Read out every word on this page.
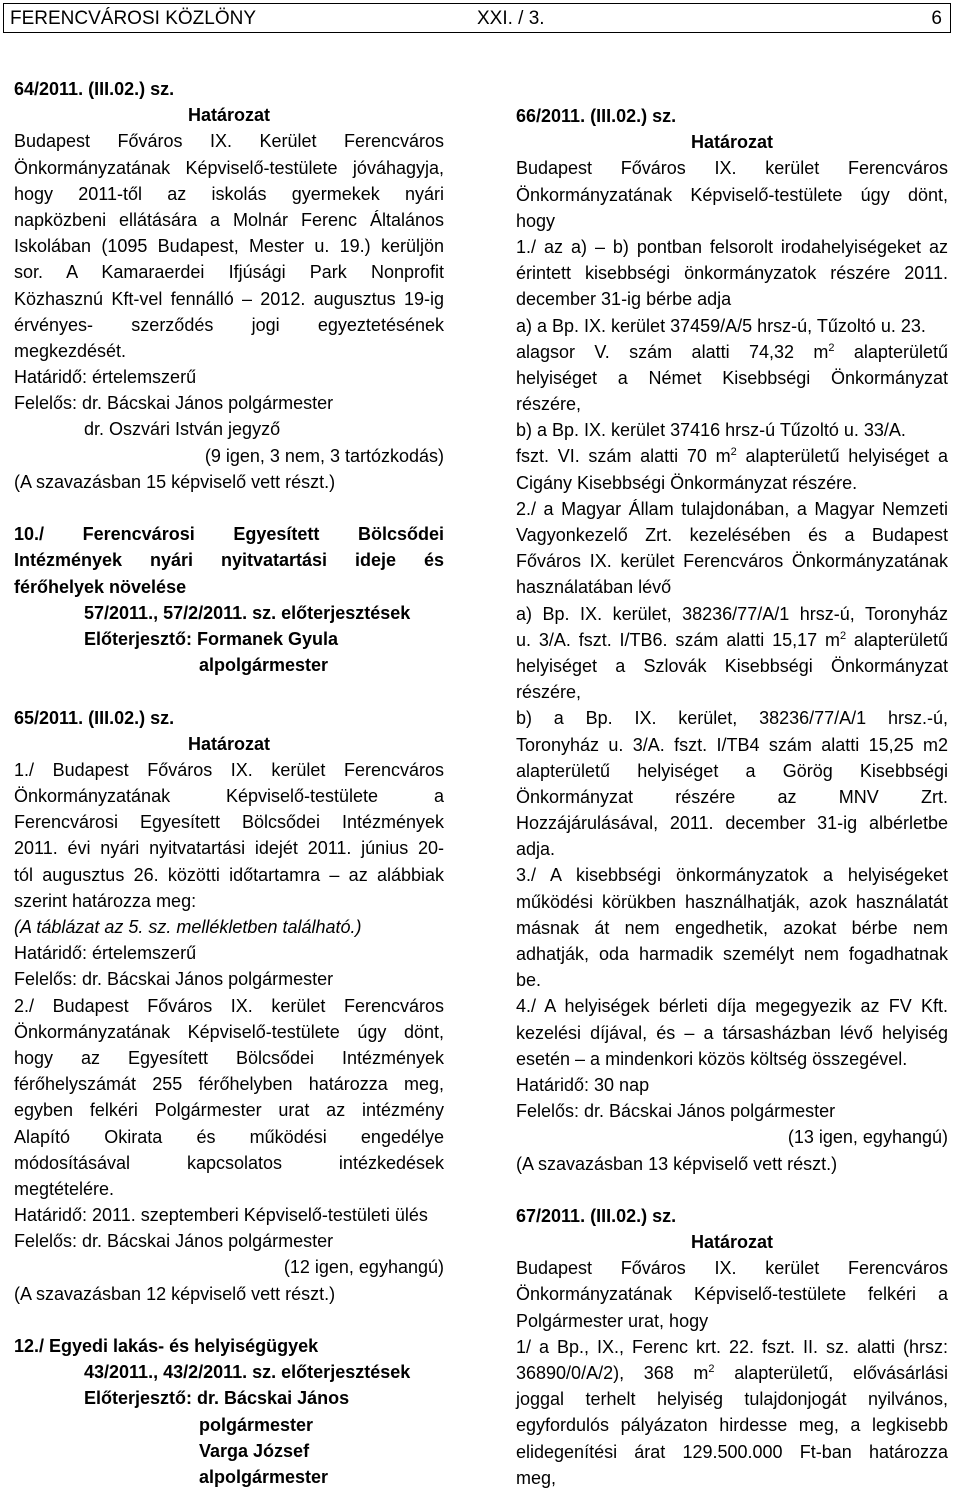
FERENCVÁROSI KÖZLÖNY	XXI. / 3.	6
64/2011. (III.02.) sz.
Határozat
Budapest Főváros IX. Kerület Ferencváros
Önkormányzatának Képviselő-testülete jóváhagyja,
hogy 2011-től az iskolás gyermekek nyári
napközbeni ellátására a Molnár Ferenc Általános
Iskolában (1095 Budapest, Mester u. 19.) kerüljön
sor. A Kamaraerdei Ifjúsági Park Nonprofit
Közhasznú Kft-vel fennálló – 2012. augusztus 19-ig
érvényes- szerződés jogi egyeztetésének
megkezdését.
Határidő: értelemszerű
Felelős: dr. Bácskai János polgármester
dr. Oszvári István jegyző
(9 igen, 3 nem, 3 tartózkodás)
(A szavazásban 15 képviselő vett részt.)
10./ Ferencvárosi Egyesített Bölcsődei
Intézmények nyári nyitvatartási ideje és
férőhelyek növelése
57/2011., 57/2/2011. sz. előterjesztések
Előterjesztő: Formanek Gyula
alpolgármester
65/2011. (III.02.) sz.
Határozat
1./ Budapest Főváros IX. kerület Ferencváros
Önkormányzatának Képviselő-testülete a
Ferencvárosi Egyesített Bölcsődei Intézmények
2011. évi nyári nyitvatartási idejét 2011. június 20-
tól augusztus 26. közötti időtartamra – az alábbiak
szerint határozza meg:
(A táblázat az 5. sz. mellékletben található.)
Határidő: értelemszerű
Felelős: dr. Bácskai János polgármester
2./ Budapest Főváros IX. kerület Ferencváros
Önkormányzatának Képviselő-testülete úgy dönt,
hogy az Egyesített Bölcsődei Intézmények
férőhelyszámát 255 férőhelyben határozza meg,
egyben felkéri Polgármester urat az intézmény
Alapító Okirata és működési engedélye
módosításával kapcsolatos intézkedések
megtételére.
Határidő: 2011. szeptemberi Képviselő-testületi ülés
Felelős: dr. Bácskai János polgármester
(12 igen, egyhangú)
(A szavazásban 12 képviselő vett részt.)
12./ Egyedi lakás- és helyiségügyek
43/2011., 43/2/2011. sz. előterjesztések
Előterjesztő: dr. Bácskai János
polgármester
Varga József
alpolgármester
66/2011. (III.02.) sz.
Határozat
Budapest Főváros IX. kerület Ferencváros
Önkormányzatának Képviselő-testülete úgy dönt,
hogy
1./ az a) – b) pontban felsorolt irodahelyiségeket az
érintett kisebbségi önkormányzatok részére 2011.
december 31-ig bérbe adja
a) a Bp. IX. kerület 37459/A/5 hrsz-ú, Tűzoltó u. 23.
alagsor V. szám alatti 74,32 $m^2$ alapterületű
helyiséget a Német Kisebbségi Önkormányzat
részére,
b) a Bp. IX. kerület 37416 hrsz-ú Tűzoltó u. 33/A.
fszt. VI. szám alatti 70 $m^2$ alapterületű helyiséget a
Cigány Kisebbségi Önkormányzat részére.
2./ a Magyar Állam tulajdonában, a Magyar Nemzeti
Vagyonkezelő Zrt. kezelésében és a Budapest
Főváros IX. kerület Ferencváros Önkormányzatának
használatában lévő
a) Bp. IX. kerület, 38236/77/A/1 hrsz-ú, Toronyház
u. 3/A. fszt. I/TB6. szám alatti 15,17 $m^2$ alapterületű
helyiséget a Szlovák Kisebbségi Önkormányzat
részére,
b) a Bp. IX. kerület, 38236/77/A/1 hrsz.-ú,
Toronyház u. 3/A. fszt. I/TB4 szám alatti 15,25 m2
alapterületű helyiséget a Görög Kisebbségi
Önkormányzat részére az MNV Zrt.
Hozzájárulásával, 2011. december 31-ig albérletbe
adja.
3./ A kisebbségi önkormányzatok a helyiségeket
működési körükben használhatják, azok használatát
másnak át nem engedhetik, azokat bérbe nem
adhatják, oda harmadik személyt nem fogadhatnak
be.
4./ A helyiségek bérleti díja megegyezik az FV Kft.
kezelési díjával, és – a társasházban lévő helyiség
esetén – a mindenkori közös költség összegével.
Határidő: 30 nap
Felelős: dr. Bácskai János polgármester
(13 igen, egyhangú)
(A szavazásban 13 képviselő vett részt.)
67/2011. (III.02.) sz.
Határozat
Budapest Főváros IX. kerület Ferencváros
Önkormányzatának Képviselő-testülete felkéri a
Polgármester urat, hogy
1/ a Bp., IX., Ferenc krt. 22. fszt. II. sz. alatti (hrsz:
36890/0/A/2), 368 $m^2$ alapterületű, elővásárlási
joggal terhelt helyiség tulajdonjogát nyilvános,
egyfordulós pályázaton hirdesse meg, a legkisebb
elidegenítési árat 129.500.000 Ft-ban határozza
meg,
